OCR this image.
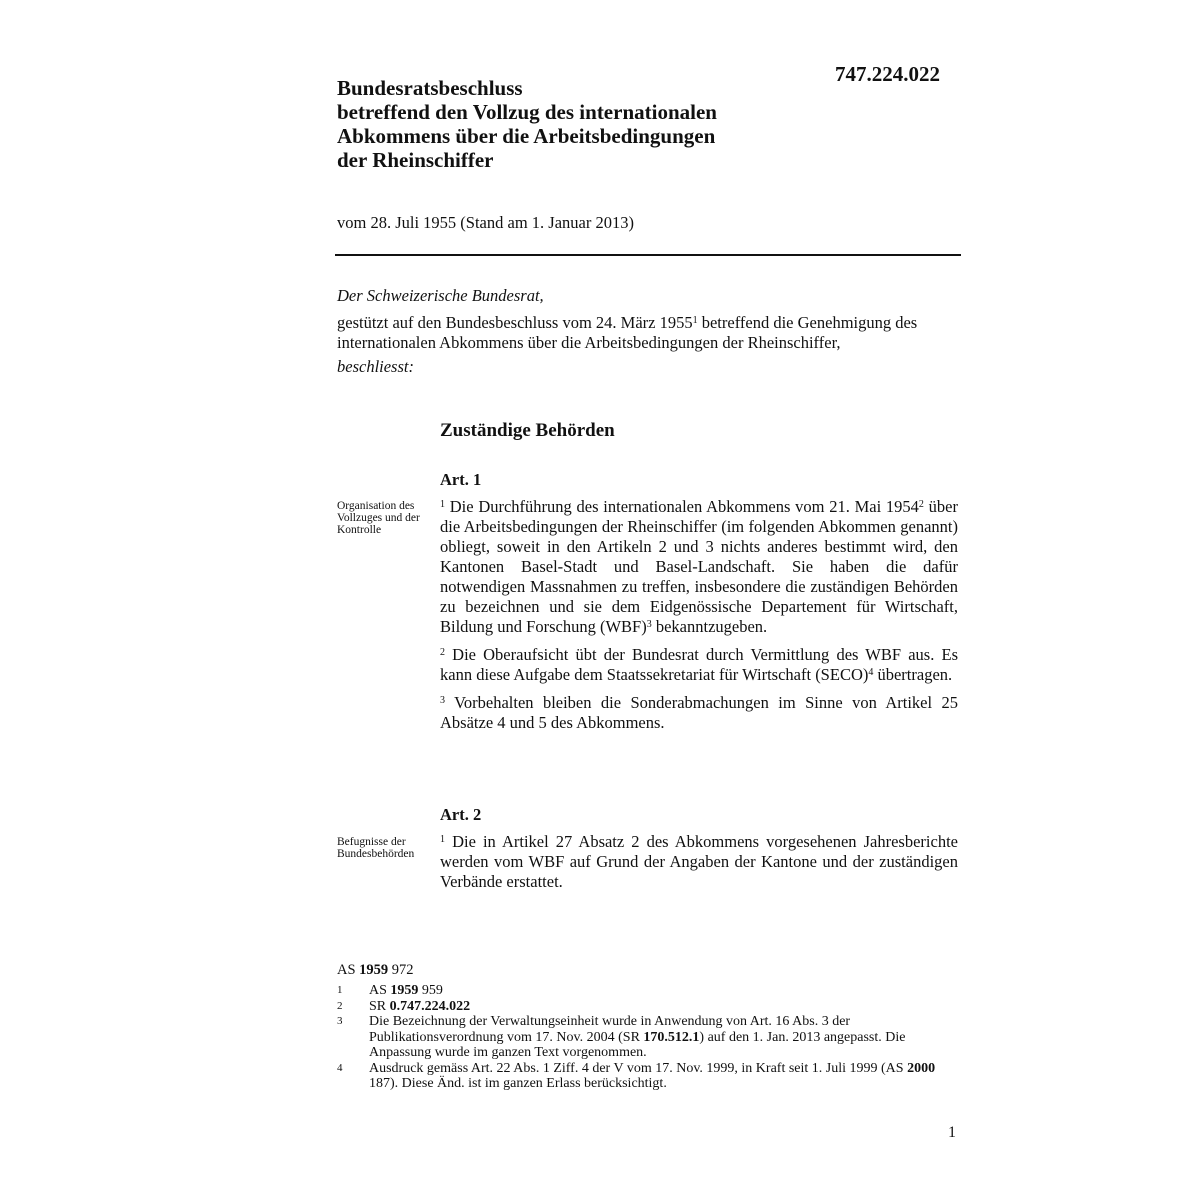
747.224.022
Bundesratsbeschluss
betreffend den Vollzug des internationalen
Abkommens über die Arbeitsbedingungen
der Rheinschiffer
vom 28. Juli 1955 (Stand am 1. Januar 2013)
Der Schweizerische Bundesrat,
gestützt auf den Bundesbeschluss vom 24. März 1955$^1$ betreffend die Genehmigung des internationalen Abkommens über die Arbeitsbedingungen der Rheinschiffer,
beschliesst:
Zuständige Behörden
Art. 1
Organisation des Vollzuges und der Kontrolle

$^1$ Die Durchführung des internationalen Abkommens vom 21. Mai 1954$^2$ über die Arbeitsbedingungen der Rheinschiffer (im folgenden Abkommen genannt) obliegt, soweit in den Artikeln 2 und 3 nichts anderes bestimmt wird, den Kantonen Basel-Stadt und Basel-Landschaft. Sie haben die dafür notwendigen Massnahmen zu treffen, insbesondere die zuständigen Behörden zu bezeichnen und sie dem Eidgenössische Departement für Wirtschaft, Bildung und Forschung (WBF)$^3$ bekanntzugeben.

$^2$ Die Oberaufsicht übt der Bundesrat durch Vermittlung des WBF aus. Es kann diese Aufgabe dem Staatssekretariat für Wirtschaft (SECO)$^4$ übertragen.

$^3$ Vorbehalten bleiben die Sonderabmachungen im Sinne von Artikel 25 Absätze 4 und 5 des Abkommens.

Art. 2
Befugnisse der Bundesbehörden

$^1$ Die in Artikel 27 Absatz 2 des Abkommens vorgesehenen Jahresberichte werden vom WBF auf Grund der Angaben der Kantone und der zuständigen Verbände erstattet.

AS 1959 972
1	AS 1959 959
2	SR 0.747.224.022
3	Die Bezeichnung der Verwaltungseinheit wurde in Anwendung von Art. 16 Abs. 3 der Publikationsverordnung vom 17. Nov. 2004 (SR 170.512.1) auf den 1. Jan. 2013 angepasst. Die Anpassung wurde im ganzen Text vorgenommen.
4	Ausdruck gemäss Art. 22 Abs. 1 Ziff. 4 der V vom 17. Nov. 1999, in Kraft seit 1. Juli 1999 (AS 2000 187). Diese Änd. ist im ganzen Erlass berücksichtigt.
1
